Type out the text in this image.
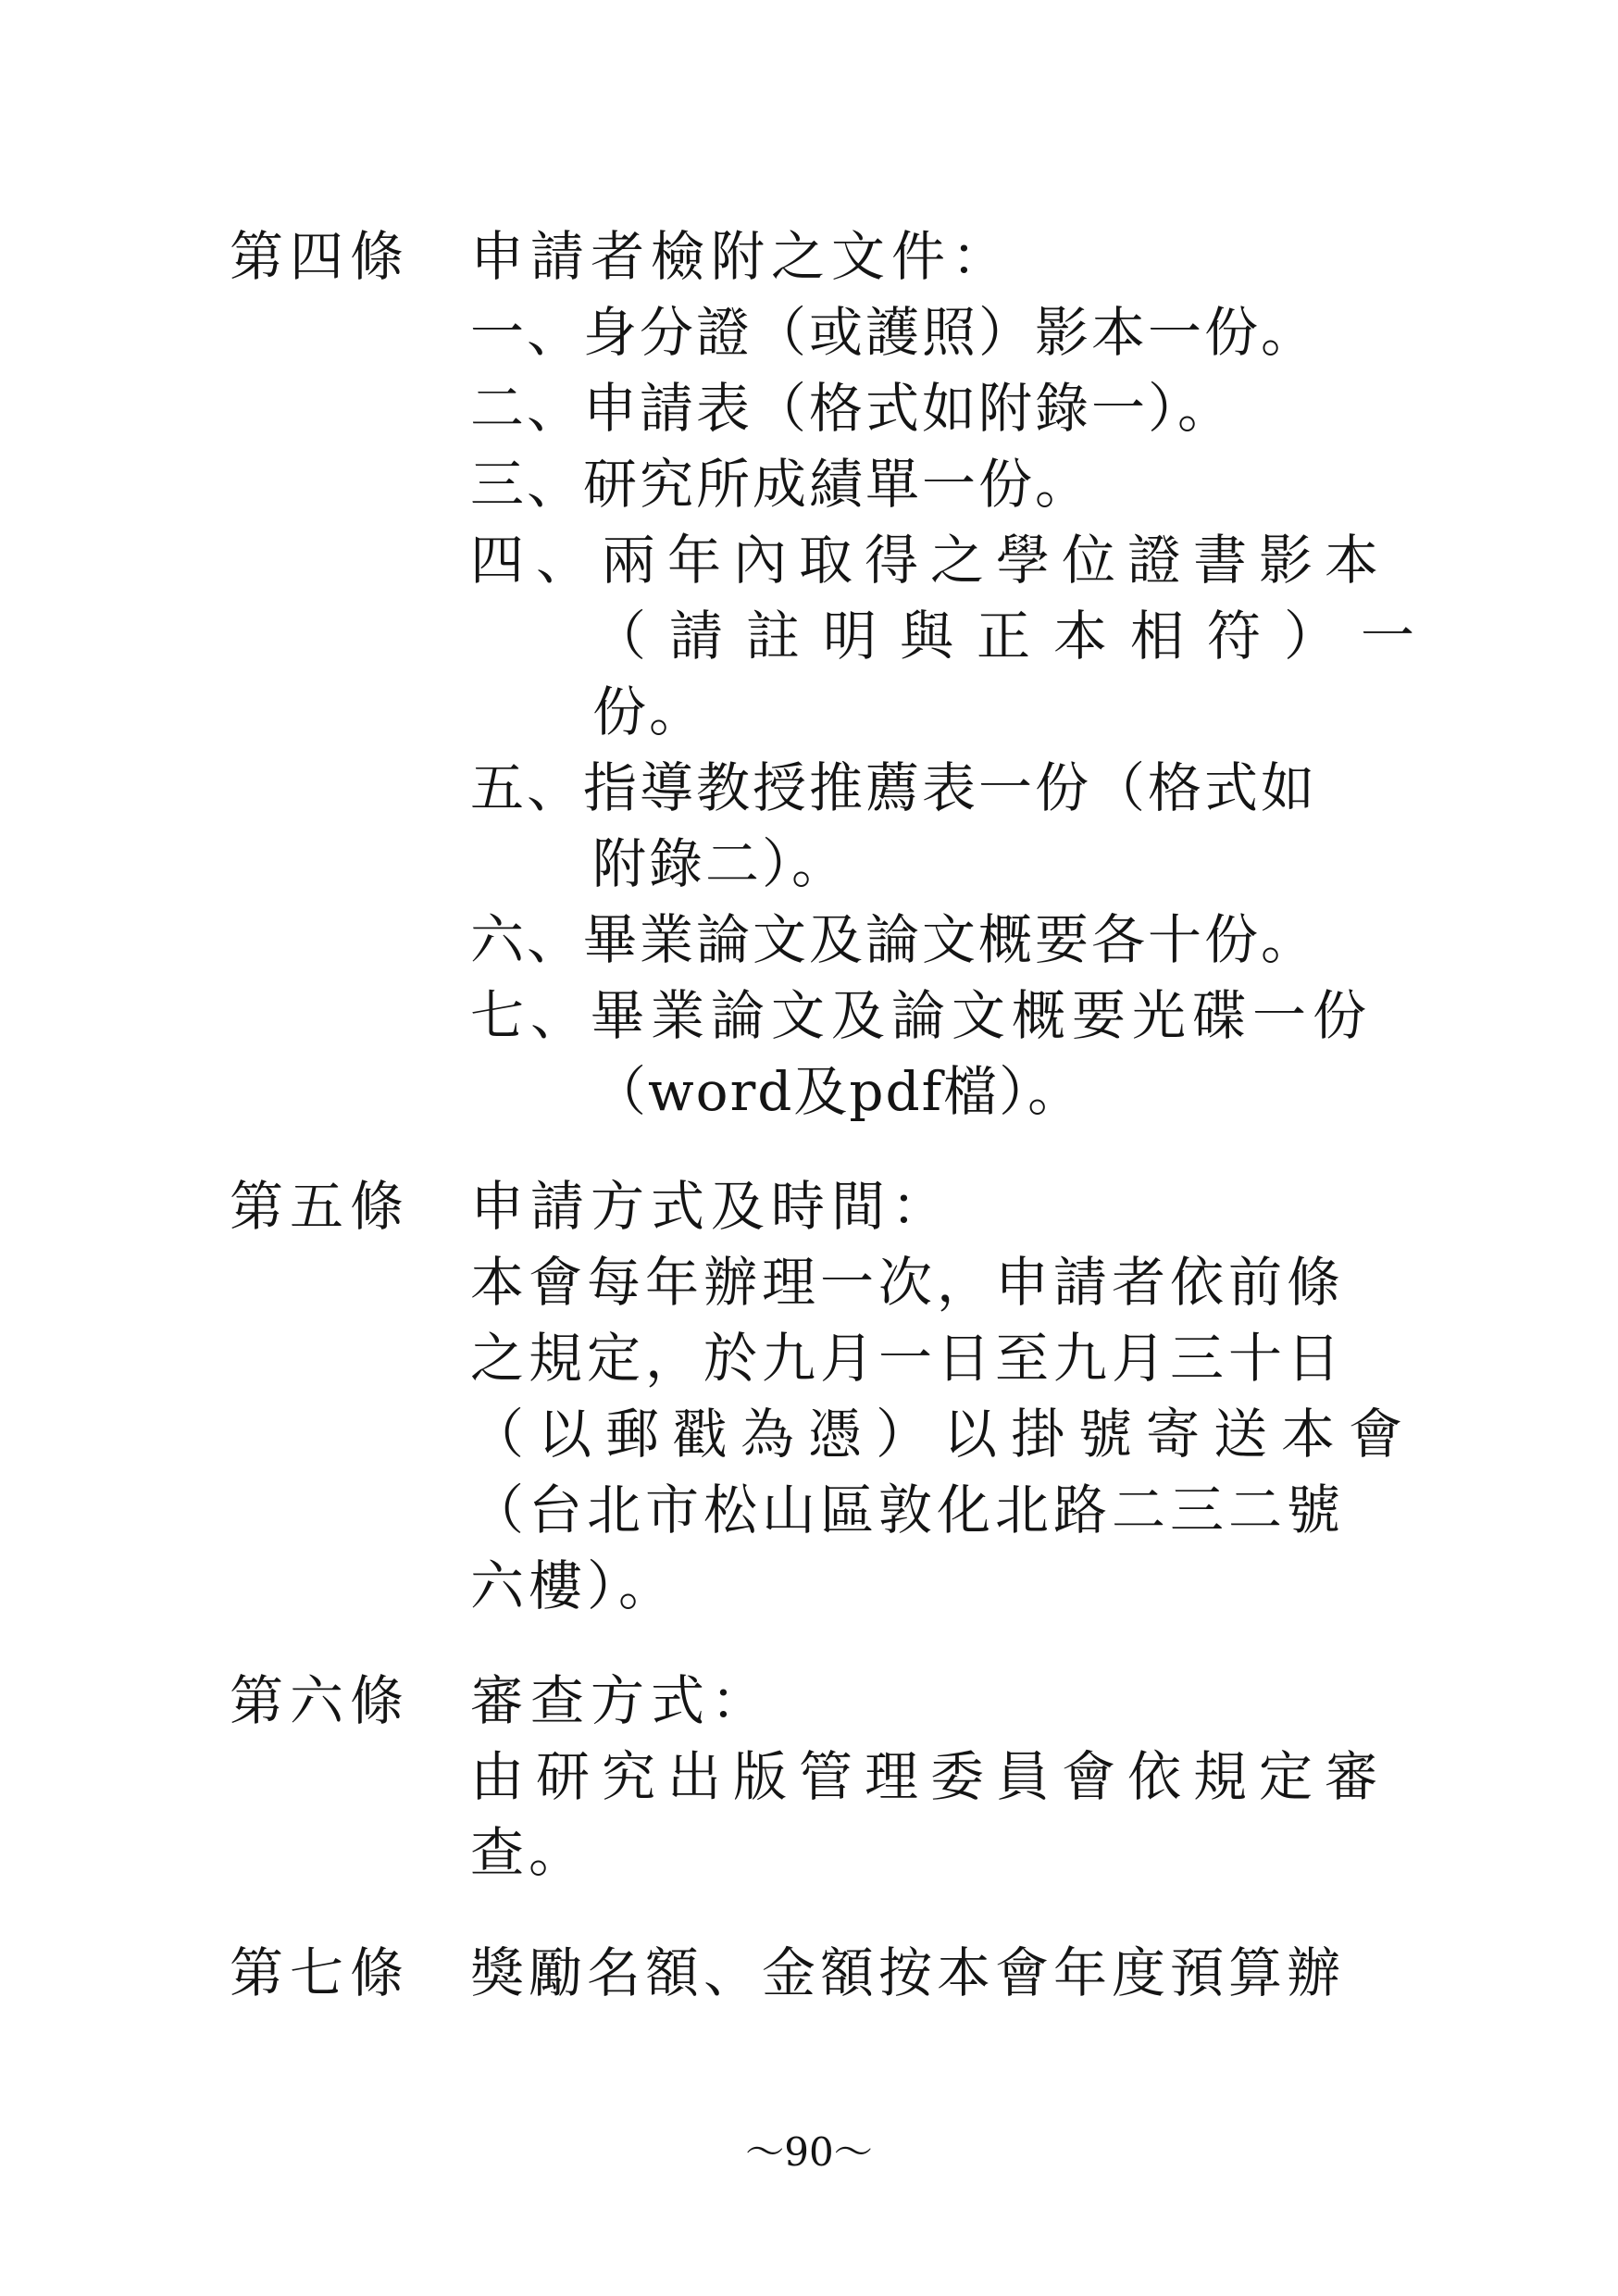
第四條 申請者檢附之文件：
一、身分證（或護照）影本一份。
二、申請表（格式如附錄一）。
三、研究所成績單一份。
四、兩年內取得之學位證書影本
（請註明與正本相符）一
份。
五、指導教授推薦表一份（格式如
附錄二）。
六、畢業論文及論文概要各十份。
七、畢業論文及論文概要光碟一份
（word及pdf檔）。
第五條 申請方式及時間：
本會每年辦理一次，申請者依前條
之規定，於九月一日至九月三十日
（以郵戳為憑）以掛號寄送本會
（台北市松山區敦化北路二三二號
六樓）。
第六條 審查方式：
由研究出版管理委員會依規定審
查。
第七條 獎勵名額、金額按本會年度預算辦
～90～
